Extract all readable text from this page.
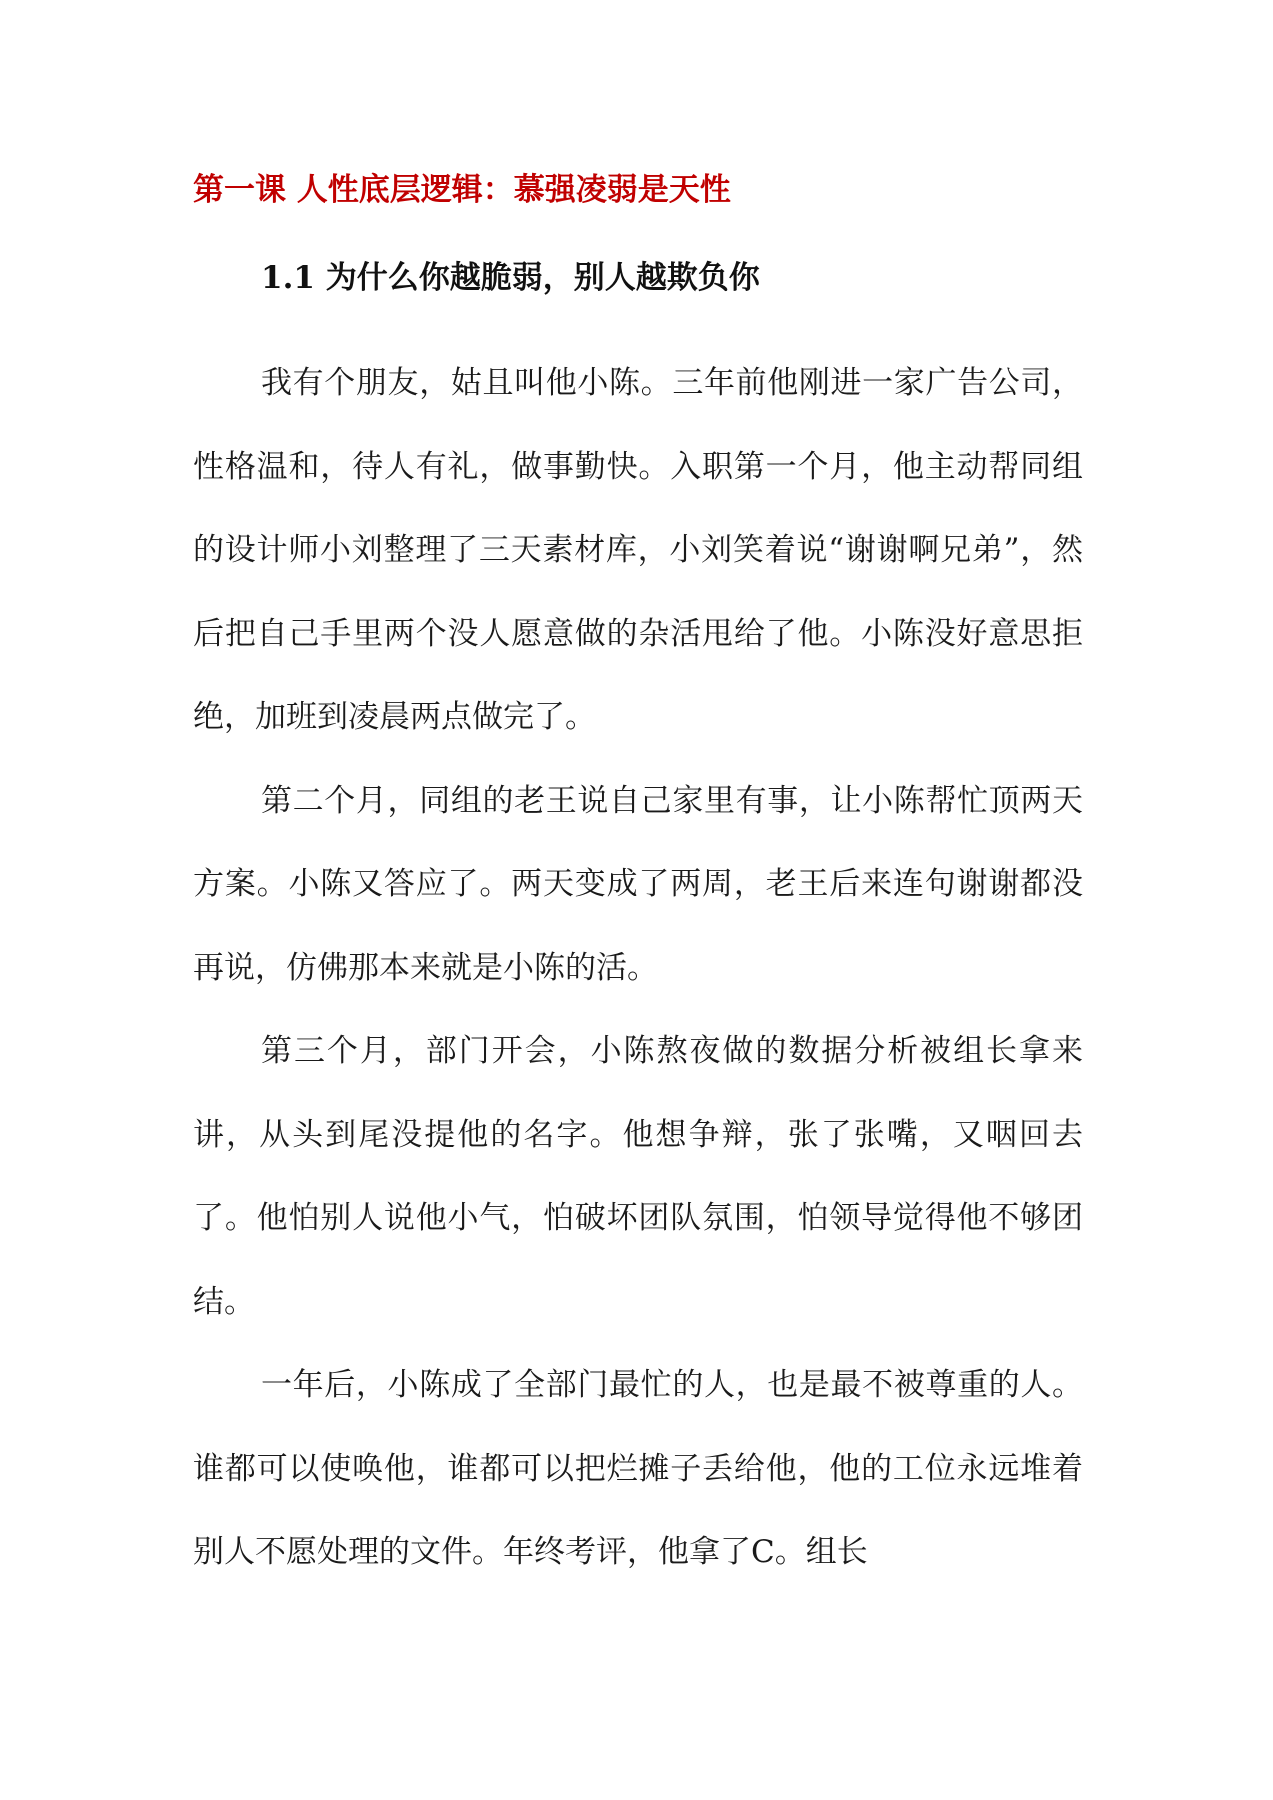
第一课 人性底层逻辑：慕强凌弱是天性
1.1 为什么你越脆弱，别人越欺负你

我有个朋友，姑且叫他小陈。三年前他刚进一家广告公司，性格温和，待人有礼，做事勤快。入职第一个月，他主动帮同组的设计师小刘整理了三天素材库，小刘笑着说“谢谢啊兄弟”，然后把自己手里两个没人愿意做的杂活甩给了他。小陈没好意思拒绝，加班到凌晨两点做完了。

第二个月，同组的老王说自己家里有事，让小陈帮忙顶两天方案。小陈又答应了。两天变成了两周，老王后来连句谢谢都没再说，仿佛那本来就是小陈的活。

第三个月，部门开会，小陈熬夜做的数据分析被组长拿来讲，从头到尾没提他的名字。他想争辩，张了张嘴，又咽回去了。他怕别人说他小气，怕破坏团队氛围，怕领导觉得他不够团结。

一年后，小陈成了全部门最忙的人，也是最不被尊重的人。谁都可以使唤他，谁都可以把烂摊子丢给他，他的工位永远堆着别人不愿处理的文件。年终考评，他拿了C。组长
